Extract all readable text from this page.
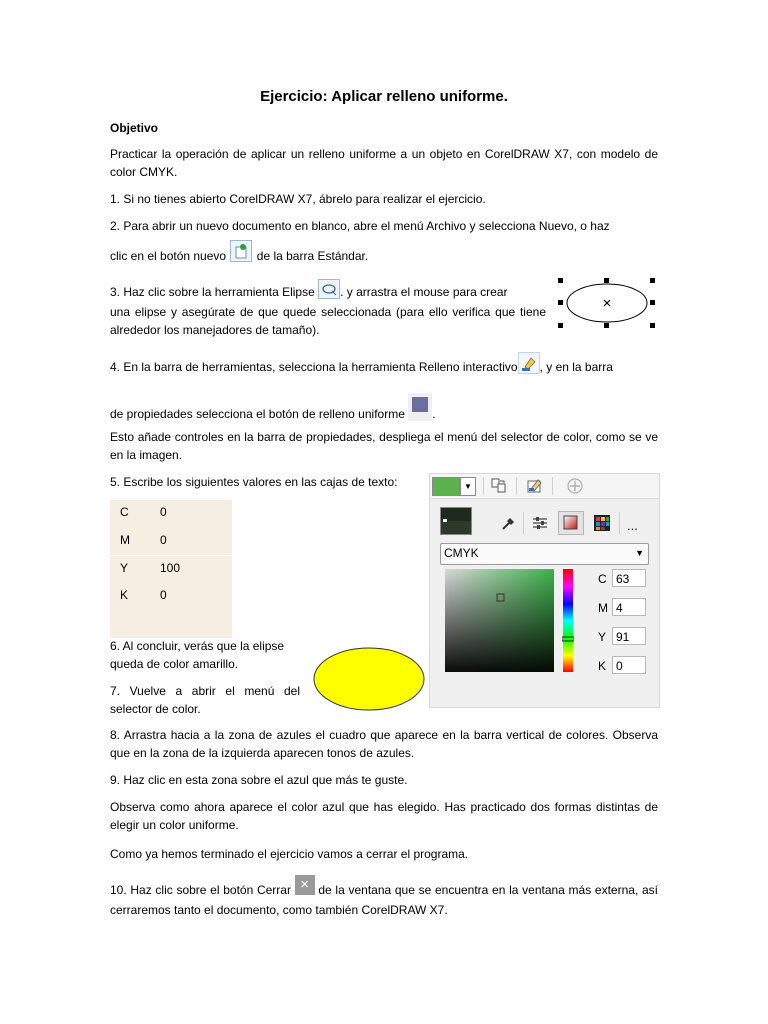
Ejercicio: Aplicar relleno uniforme.
Objetivo
Practicar la operación de aplicar un relleno uniforme a un objeto en CorelDRAW X7, con modelo de color CMYK.
1. Si no tienes abierto CorelDRAW X7, ábrelo para realizar el ejercicio.
2. Para abrir un nuevo documento en blanco, abre el menú Archivo y selecciona Nuevo, o haz
clic en el botón nuevo	de la barra Estándar.
3. Haz clic sobre la herramienta Elipse . y arrastra el mouse para crear
una elipse y asegúrate de que quede seleccionada (para ello verifica que tiene alrededor los manejadores de tamaño).
4. En la barra de herramientas, selecciona la herramienta Relleno interactivo , y en la barra
de propiedades selecciona el botón de relleno uniforme .
Esto añade controles en la barra de propiedades, despliega el menú del selector de color, como se ve en la imagen.
5. Escribe los siguientes valores en las cajas de texto:
C	0
M	0
Y	100
K	0
▼
...
CMYK	▼
C 63
M 4
Y 91
K 0
6. Al concluir, verás que la elipse queda de color amarillo.
7. Vuelve a abrir el menú del selector de color.
8. Arrastra hacia a la zona de azules el cuadro que aparece en la barra vertical de colores. Observa que en la zona de la izquierda aparecen tonos de azules.
9. Haz clic en esta zona sobre el azul que más te guste.
Observa como ahora aparece el color azul que has elegido. Has practicado dos formas distintas de elegir un color uniforme.
Como ya hemos terminado el ejercicio vamos a cerrar el programa.
10. Haz clic sobre el botón Cerrar × de la ventana que se encuentra en la ventana más externa, así cerraremos tanto el documento, como también CorelDRAW X7.
